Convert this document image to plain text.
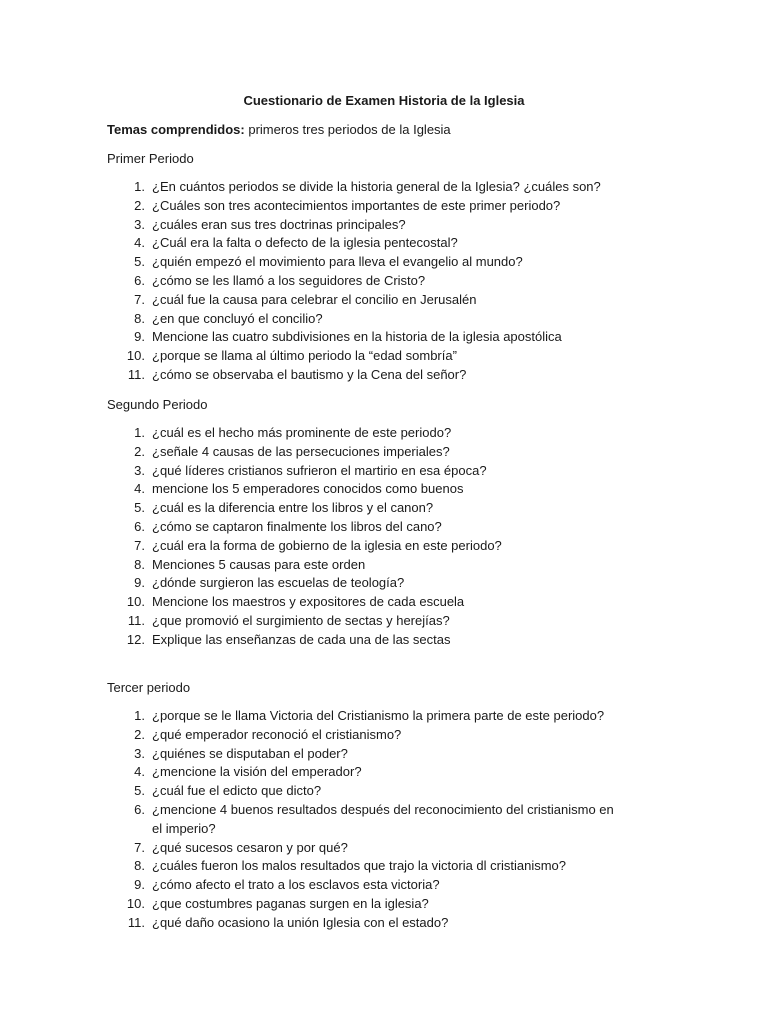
Cuestionario de Examen Historia de la Iglesia
Temas comprendidos: primeros tres periodos de la Iglesia
Primer Periodo
1. ¿En cuántos periodos se divide la historia general de la Iglesia? ¿cuáles son?
2. ¿Cuáles son tres acontecimientos importantes de este primer periodo?
3. ¿cuáles eran sus tres doctrinas principales?
4. ¿Cuál era la falta o defecto de la iglesia pentecostal?
5. ¿quién empezó el movimiento para lleva el evangelio al mundo?
6. ¿cómo se les llamó a los seguidores de Cristo?
7. ¿cuál fue la causa para celebrar el concilio en Jerusalén
8. ¿en que concluyó el concilio?
9. Mencione las cuatro subdivisiones en la historia de la iglesia apostólica
10. ¿porque se llama al último periodo la “edad sombría”
11. ¿cómo se observaba el bautismo y la Cena del señor?
Segundo Periodo
1. ¿cuál es el hecho más prominente de este periodo?
2. ¿señale 4 causas de las persecuciones imperiales?
3. ¿qué líderes cristianos sufrieron el martirio en esa época?
4. mencione los 5 emperadores conocidos como buenos
5. ¿cuál es la diferencia entre los libros y el canon?
6. ¿cómo se captaron finalmente los libros del cano?
7. ¿cuál era la forma de gobierno de la iglesia en este periodo?
8. Menciones 5 causas para este orden
9. ¿dónde surgieron las escuelas de teología?
10. Mencione los maestros y expositores de cada escuela
11. ¿que promovió el surgimiento de sectas y herejías?
12. Explique las enseñanzas de cada una de las sectas
Tercer periodo
1. ¿porque se le llama Victoria del Cristianismo la primera parte de este periodo?
2. ¿qué emperador reconoció el cristianismo?
3. ¿quiénes se disputaban el poder?
4. ¿mencione la visión del emperador?
5. ¿cuál fue el edicto que dicto?
6. ¿mencione 4 buenos resultados después del reconocimiento del cristianismo en el imperio?
7. ¿qué sucesos cesaron y por qué?
8. ¿cuáles fueron los malos resultados que trajo la victoria dl cristianismo?
9. ¿cómo afecto el trato a los esclavos esta victoria?
10. ¿que costumbres paganas surgen en la iglesia?
11. ¿qué daño ocasiono la unión Iglesia con el estado?
